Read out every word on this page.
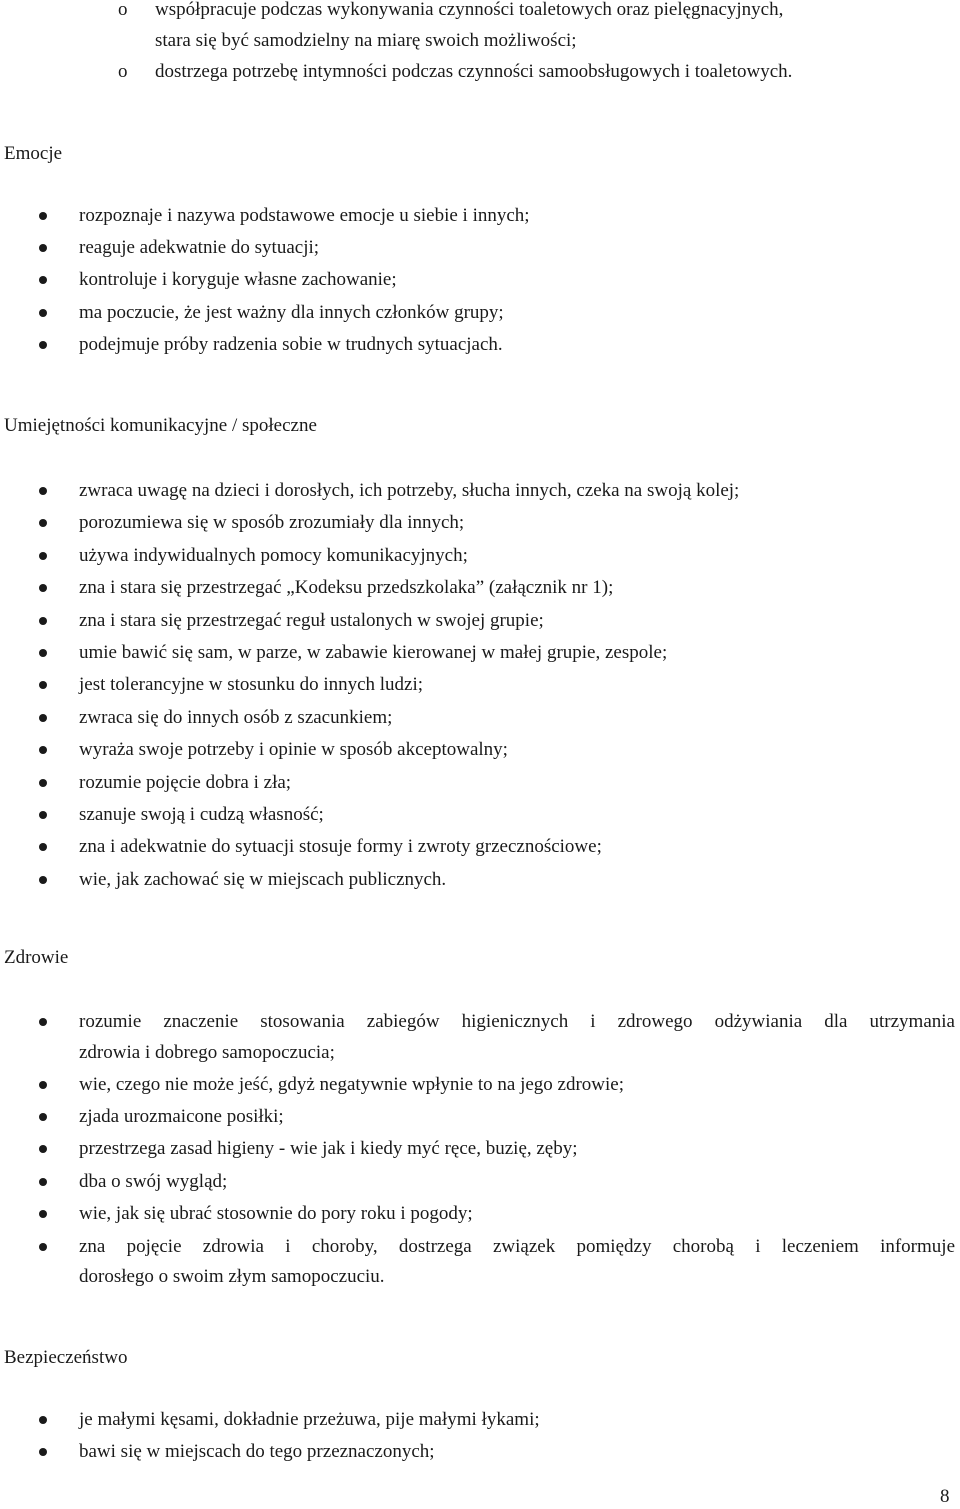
o współpracuje podczas wykonywania czynności toaletowych oraz pielęgnacyjnych,
stara się być samodzielny na miarę swoich możliwości;
o dostrzega potrzebę intymności podczas czynności samoobsługowych i toaletowych.
Emocje
rozpoznaje i nazywa podstawowe emocje u siebie i innych;
reaguje adekwatnie do sytuacji;
kontroluje i koryguje własne zachowanie;
ma poczucie, że jest ważny dla innych członków grupy;
podejmuje próby radzenia sobie w trudnych sytuacjach.
Umiejętności komunikacyjne / społeczne
zwraca uwagę na dzieci i dorosłych, ich potrzeby, słucha innych, czeka na swoją kolej;
porozumiewa się w sposób zrozumiały dla innych;
używa indywidualnych pomocy komunikacyjnych;
zna i stara się przestrzegać „Kodeksu przedszkolaka” (załącznik nr 1);
zna i stara się przestrzegać reguł ustalonych w swojej grupie;
umie bawić się sam, w parze, w zabawie kierowanej w małej grupie, zespole;
jest tolerancyjne w stosunku do innych ludzi;
zwraca się do innych osób z szacunkiem;
wyraża swoje potrzeby i opinie w sposób akceptowalny;
rozumie pojęcie dobra i zła;
szanuje swoją i cudzą własność;
zna i adekwatnie do sytuacji stosuje formy i zwroty grzecznościowe;
wie, jak zachować się w miejscach publicznych.
Zdrowie
rozumie znaczenie stosowania zabiegów higienicznych i zdrowego odżywiania dla utrzymania
zdrowia i dobrego samopoczucia;
wie, czego nie może jeść, gdyż negatywnie wpłynie to na jego zdrowie;
zjada urozmaicone posiłki;
przestrzega zasad higieny - wie jak i kiedy myć ręce, buzię, zęby;
dba o swój wygląd;
wie, jak się ubrać stosownie do pory roku i pogody;
zna pojęcie zdrowia i choroby, dostrzega związek pomiędzy chorobą i leczeniem informuje
dorosłego o swoim złym samopoczuciu.
Bezpieczeństwo
je małymi kęsami, dokładnie przeżuwa, pije małymi łykami;
bawi się w miejscach do tego przeznaczonych;
8
